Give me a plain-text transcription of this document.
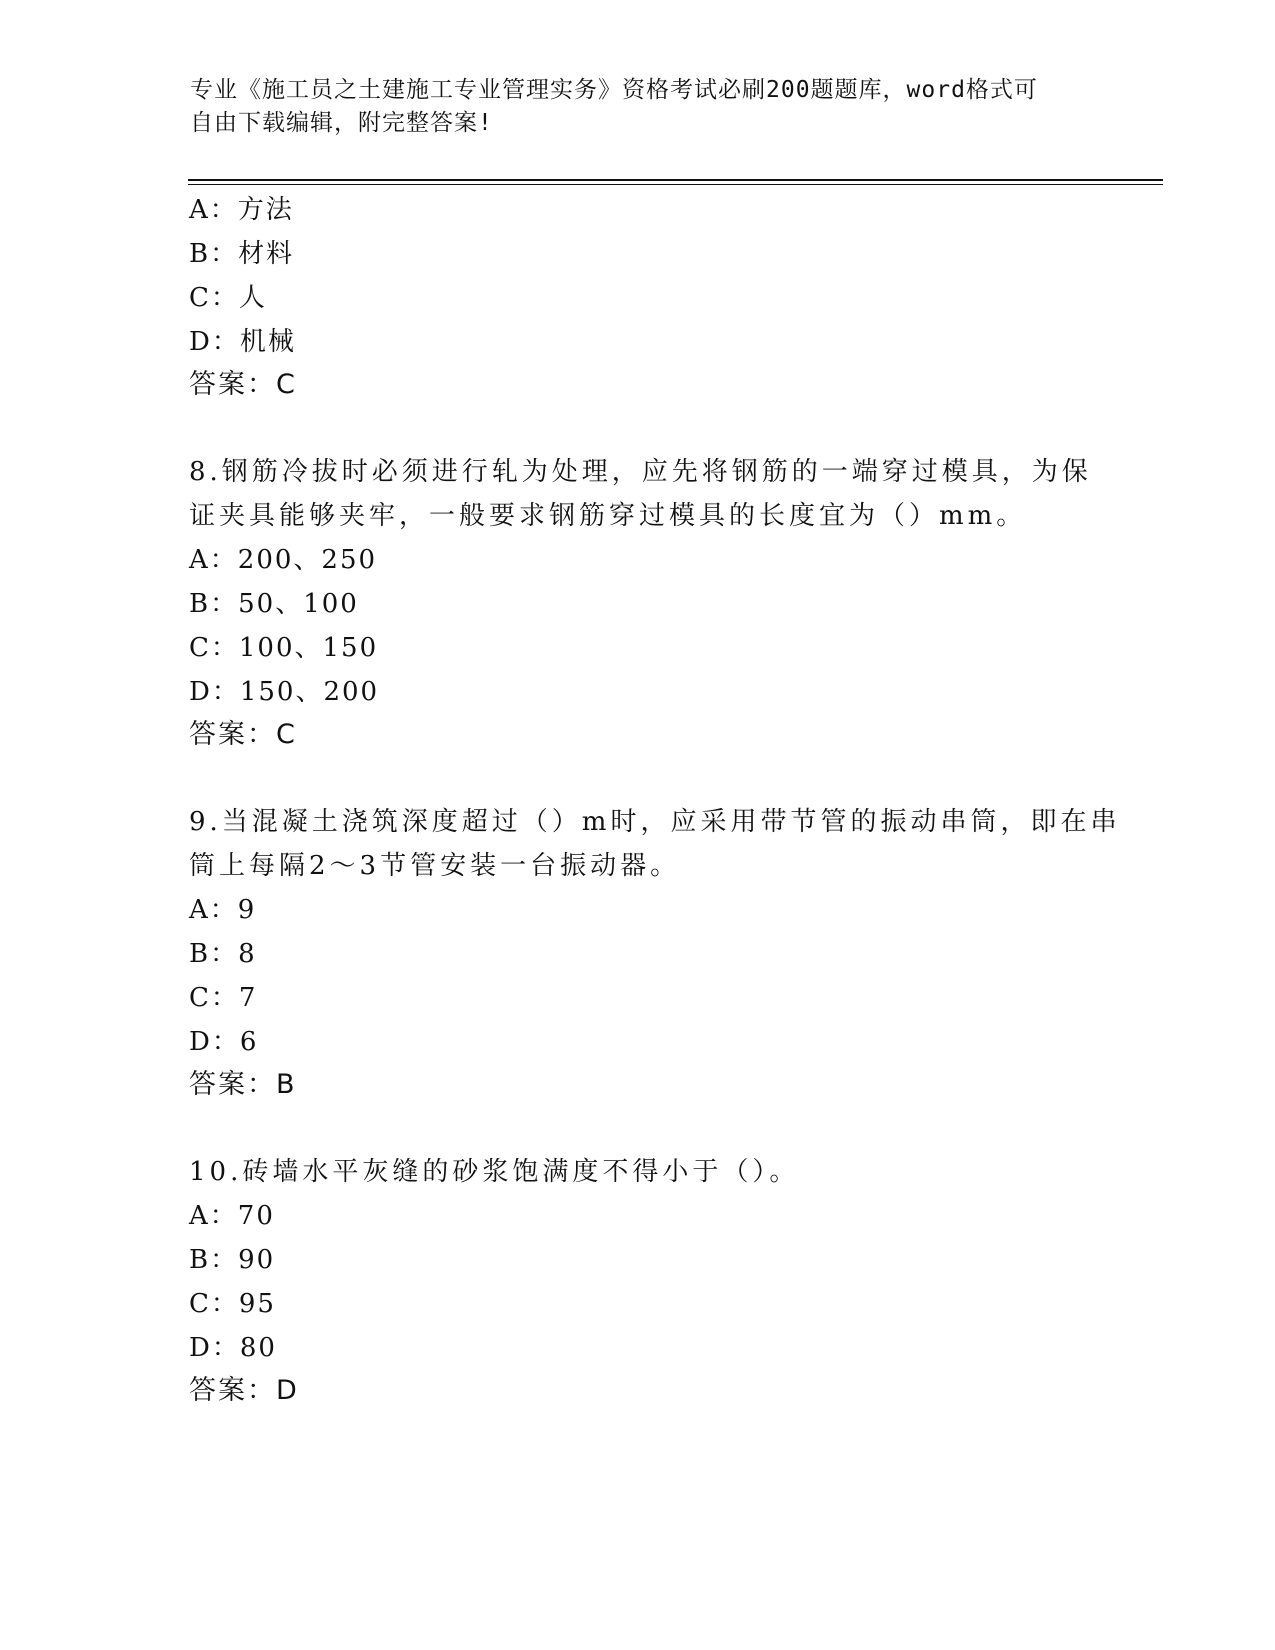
专业《施工员之土建施工专业管理实务》资格考试必刷200题题库，word格式可
自由下载编辑，附完整答案!
A：方法
B：材料
C：人
D：机械
答案：C
8.钢筋冷拔时必须进行轧为处理，应先将钢筋的一端穿过模具，为保
证夹具能够夹牢，一般要求钢筋穿过模具的长度宜为（）mm。
A：200、250
B：50、100
C：100、150
D：150、200
答案：C
9.当混凝土浇筑深度超过（）m时，应采用带节管的振动串筒，即在串
筒上每隔2～3节管安装一台振动器。
A：9
B：8
C：7
D：6
答案：B
10.砖墙水平灰缝的砂浆饱满度不得小于（）。
A：70
B：90
C：95
D：80
答案：D
